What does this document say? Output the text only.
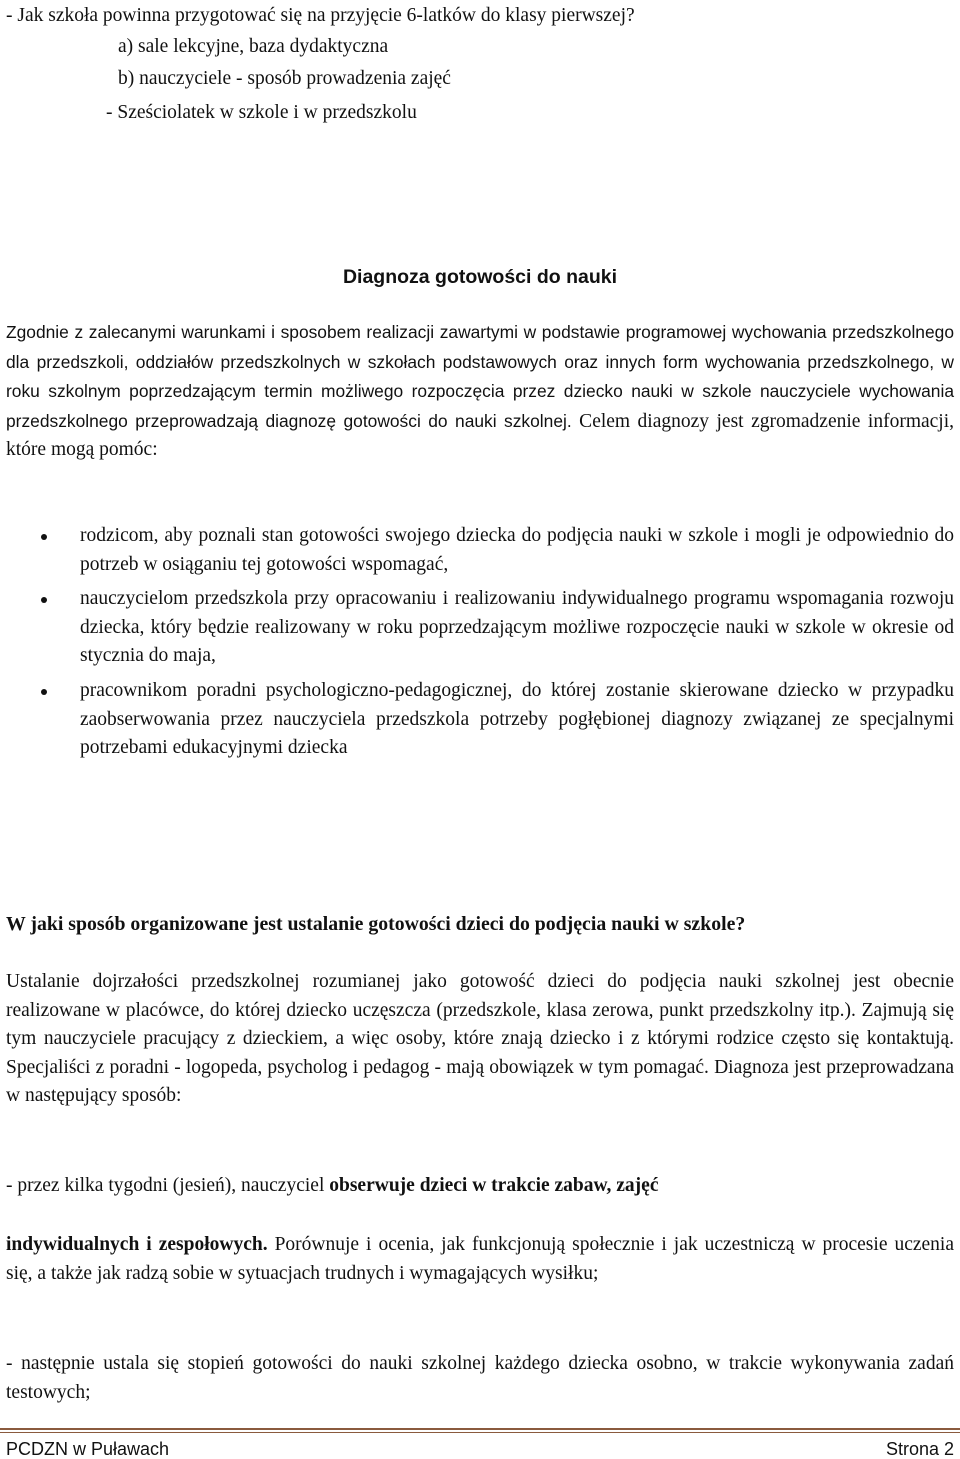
- Jak szkoła powinna przygotować się na przyjęcie 6-latków do klasy pierwszej?
a) sale lekcyjne, baza dydaktyczna
b) nauczyciele - sposób prowadzenia zajęć
- Sześciolatek w szkole i w przedszkolu
Diagnoza gotowości do nauki
Zgodnie z zalecanymi warunkami i sposobem realizacji zawartymi w podstawie programowej wychowania przedszkolnego dla przedszkoli, oddziałów przedszkolnych w szkołach podstawowych oraz innych form wychowania przedszkolnego, w roku szkolnym poprzedzającym termin możliwego rozpoczęcia przez dziecko nauki w szkole nauczyciele wychowania przedszkolnego przeprowadzają diagnozę gotowości do nauki szkolnej. Celem diagnozy jest zgromadzenie informacji, które mogą pomóc:
rodzicom, aby poznali stan gotowości swojego dziecka do podjęcia nauki w szkole i mogli je odpowiednio do potrzeb w osiąganiu tej gotowości wspomagać,
nauczycielom przedszkola przy opracowaniu i realizowaniu indywidualnego programu wspomagania rozwoju dziecka, który będzie realizowany w roku poprzedzającym możliwe rozpoczęcie nauki w szkole w okresie od stycznia do maja,
pracownikom poradni psychologiczno-pedagogicznej, do której zostanie skierowane dziecko w przypadku zaobserwowania przez nauczyciela przedszkola potrzeby pogłębionej diagnozy związanej ze specjalnymi potrzebami edukacyjnymi dziecka
W jaki sposób organizowane jest ustalanie gotowości dzieci do podjęcia nauki w szkole?
Ustalanie dojrzałości przedszkolnej rozumianej jako gotowość dzieci do podjęcia nauki szkolnej jest obecnie realizowane w placówce, do której dziecko uczęszcza (przedszkole, klasa zerowa, punkt przedszkolny itp.). Zajmują się tym nauczyciele pracujący z dzieckiem, a więc osoby, które znają dziecko i z którymi rodzice często się kontaktują. Specjaliści z poradni - logopeda, psycholog i pedagog - mają obowiązek w tym pomagać. Diagnoza jest przeprowadzana w następujący sposób:
- przez kilka tygodni (jesień), nauczyciel obserwuje dzieci w trakcie zabaw, zajęć
indywidualnych i zespołowych. Porównuje i ocenia, jak funkcjonują społecznie i jak uczestniczą w procesie uczenia się, a także jak radzą sobie w sytuacjach trudnych i wymagających wysiłku;
- następnie ustala się stopień gotowości do nauki szkolnej każdego dziecka osobno, w trakcie wykonywania zadań testowych;
PCDZN w Puławach	Strona 2
